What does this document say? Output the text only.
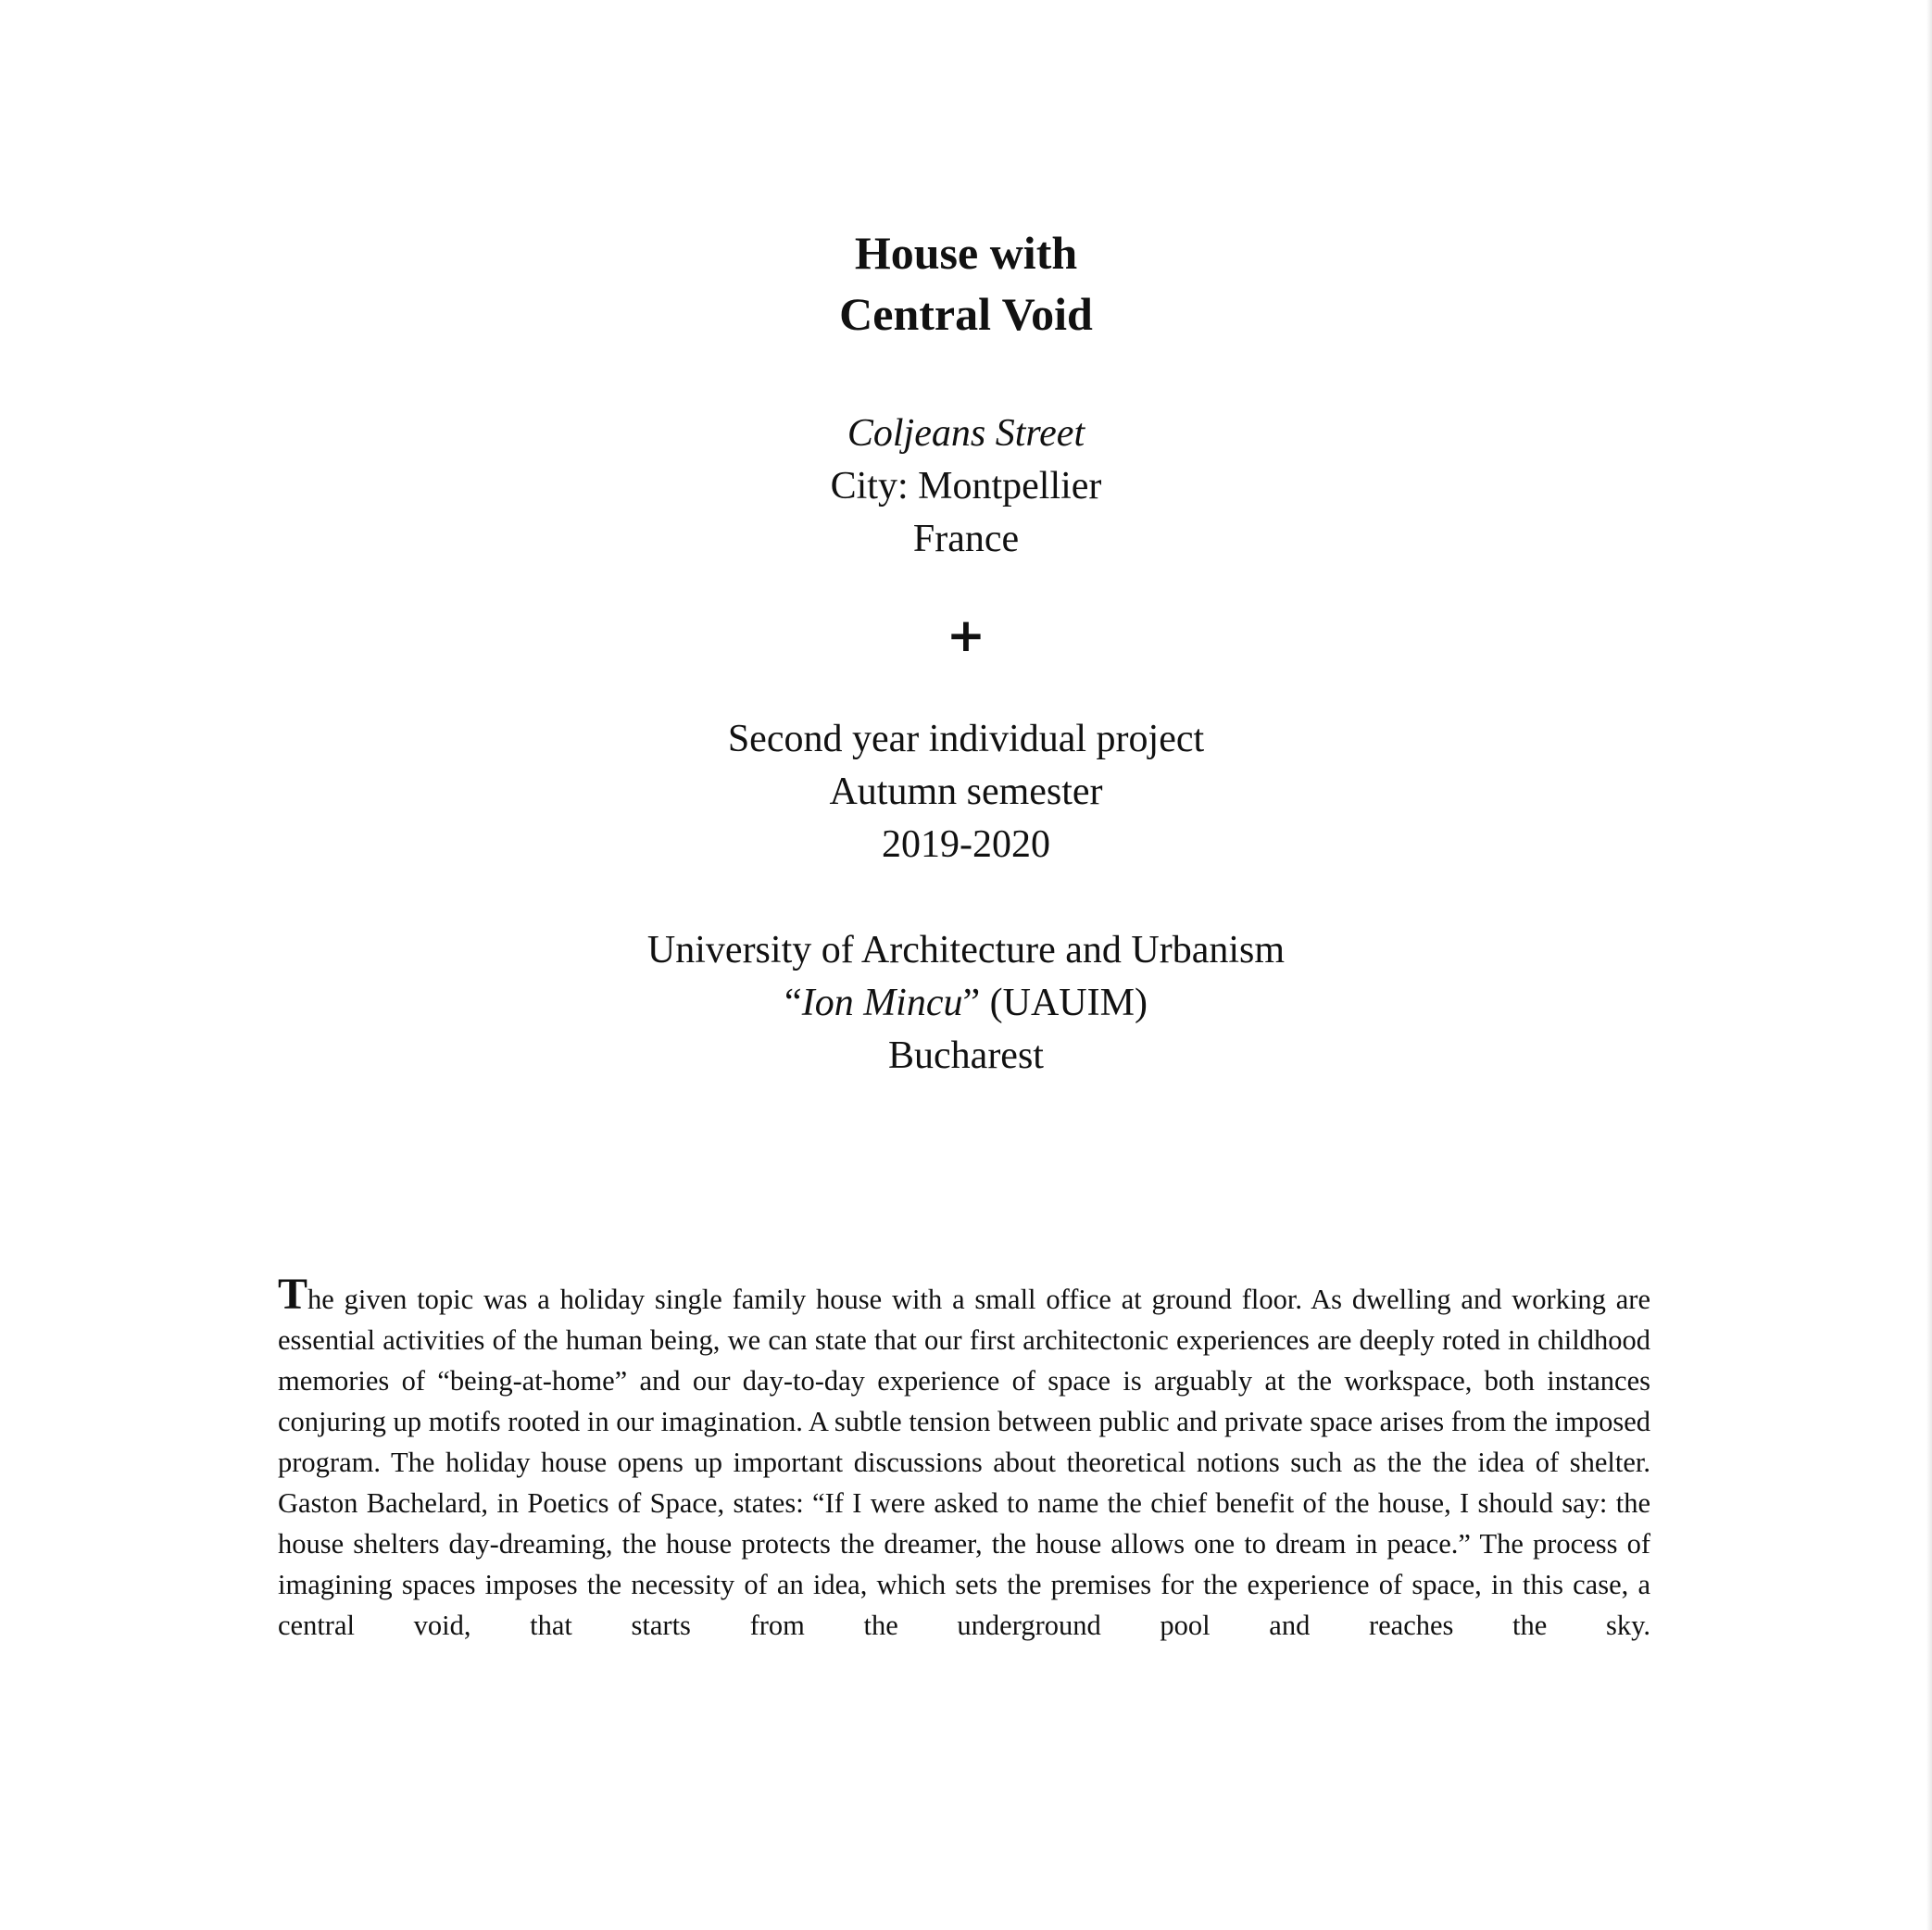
House with
Central Void
Coljeans Street
City: Montpellier
France
+
Second year individual project
Autumn semester
2019-2020
University of Architecture and Urbanism
“Ion Mincu” (UAUIM)
Bucharest
The given topic was a holiday single family house with a small office at ground floor. As dwelling and working are essential activities of the human being, we can state that our first architectonic experiences are deeply roted in childhood memories of “being-at-home” and our day-to-day experience of space is arguably at the workspace, both instances conjuring up motifs rooted in our imagination. A subtle tension between public and private space arises from the imposed program. The holiday house opens up important discussions about theoretical notions such as the the idea of shelter. Gaston Bachelard, in Poetics of Space, states: “If I were asked to name the chief benefit of the house, I should say: the house shelters day-dreaming, the house protects the dreamer, the house allows one to dream in peace.” The process of imagining spaces imposes the necessity of an idea, which sets the premises for the experience of space, in this case, a central void, that starts from the underground pool and reaches the sky.
